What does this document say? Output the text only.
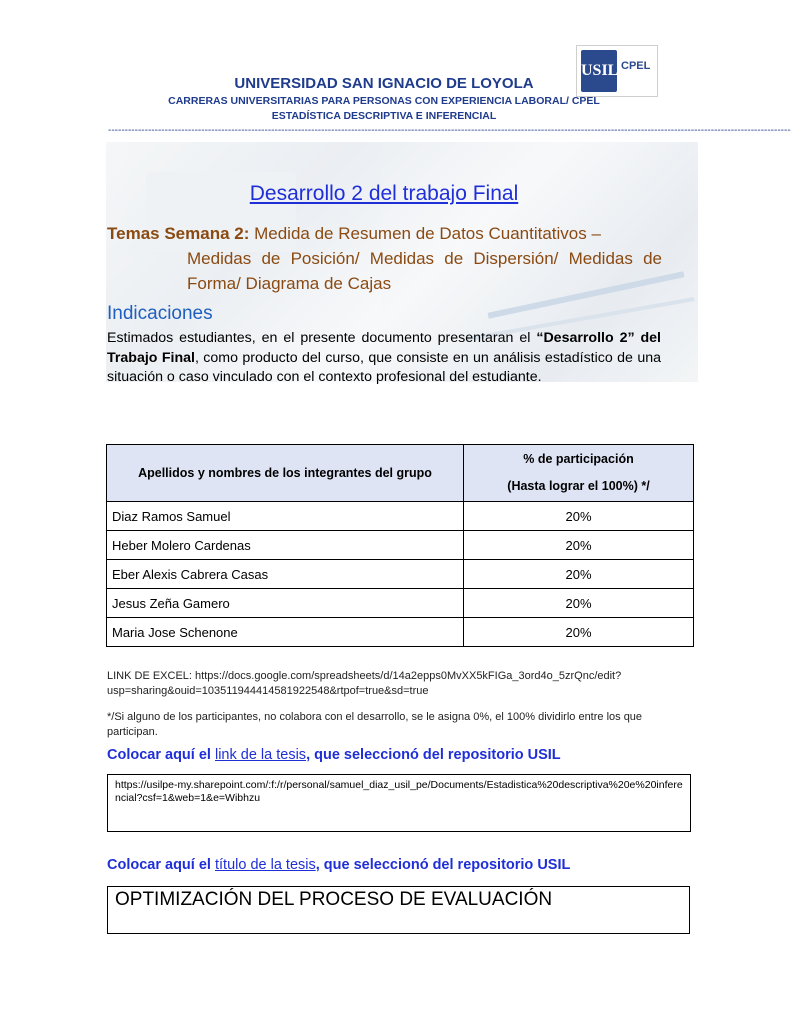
USIL CPEL
UNIVERSIDAD SAN IGNACIO DE LOYOLA
CARRERAS UNIVERSITARIAS PARA PERSONAS CON EXPERIENCIA LABORAL/ CPEL
ESTADÍSTICA DESCRIPTIVA E INFERENCIAL
-------------------------------------------------------------------------------------------------------------------------------------------------------------------------------------------------------------
Desarrollo 2 del trabajo Final
Temas Semana 2: Medida de Resumen de Datos Cuantitativos –
Medidas de Posición/ Medidas de Dispersión/ Medidas de Forma/ Diagrama de Cajas
Indicaciones
Estimados estudiantes, en el presente documento presentaran el “Desarrollo 2” del Trabajo Final, como producto del curso, que consiste en un análisis estadístico de una situación o caso vinculado con el contexto profesional del estudiante.
Apellidos y nombres de los integrantes del grupo	% de participación
(Hasta lograr el 100%) */

Diaz Ramos Samuel	20%
Heber Molero Cardenas	20%
Eber Alexis Cabrera Casas	20%
Jesus Zeña Gamero	20%
Maria Jose Schenone	20%
LINK DE EXCEL: https://docs.google.com/spreadsheets/d/14a2epps0MvXX5kFIGa_3ord4o_5zrQnc/edit?usp=sharing&ouid=103511944414581922548&rtpof=true&sd=true
*/Si alguno de los participantes, no colabora con el desarrollo, se le asigna 0%, el 100% dividirlo entre los que participan.
Colocar aquí el link de la tesis, que seleccionó del repositorio USIL
https://usilpe-my.sharepoint.com/:f:/r/personal/samuel_diaz_usil_pe/Documents/Estadistica%20descriptiva%20e%20inferencial?csf=1&web=1&e=Wibhzu
Colocar aquí el título de la tesis, que seleccionó del repositorio USIL
OPTIMIZACIÓN DEL PROCESO DE EVALUACIÓN
